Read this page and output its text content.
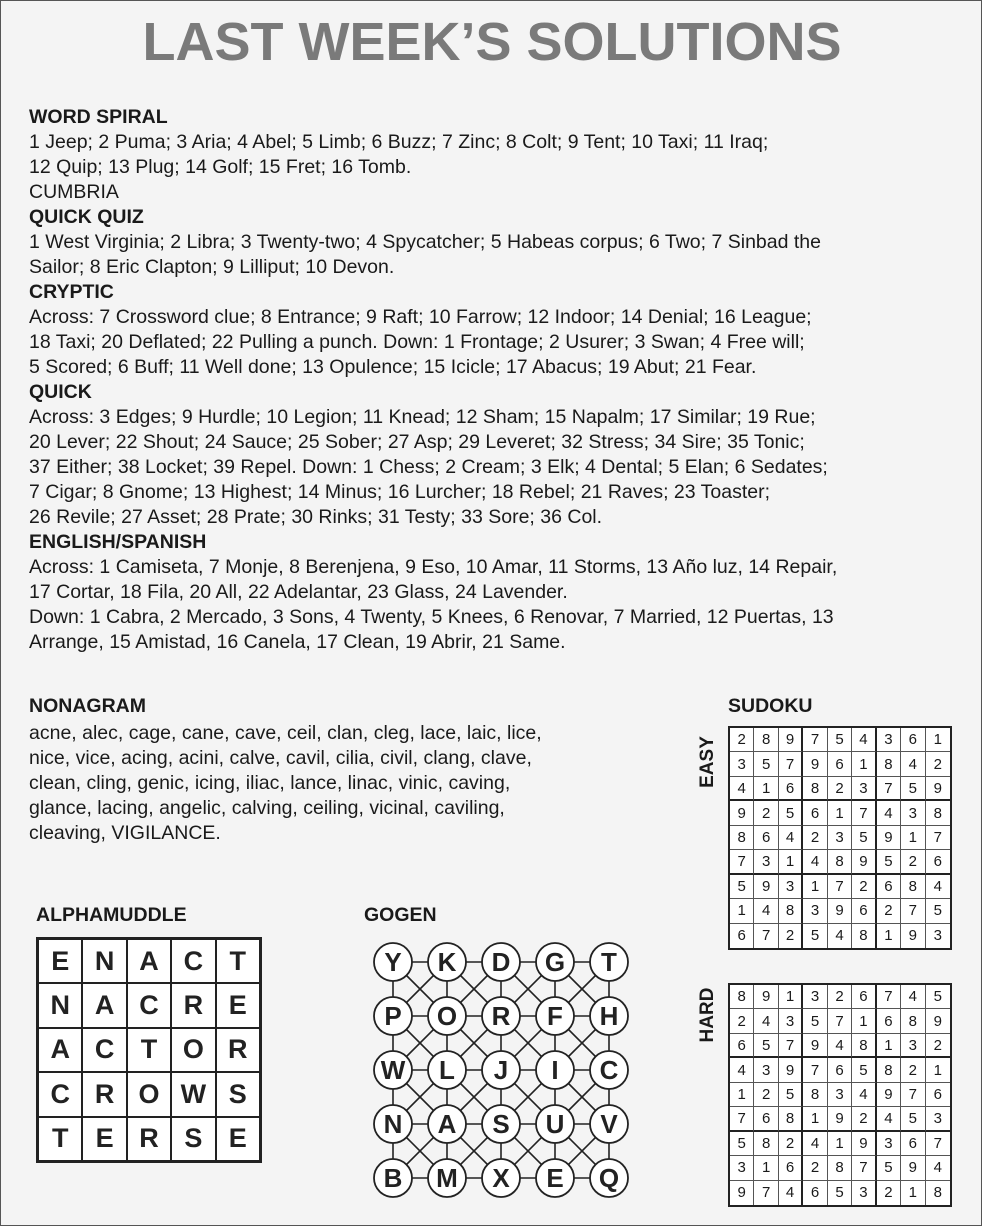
LAST WEEK’S SOLUTIONS

WORD SPIRAL

1 Jeep; 2 Puma; 3 Aria; 4 Abel; 5 Limb; 6 Buzz; 7 Zinc; 8 Colt; 9 Tent; 10 Taxi; 11 Iraq;

12 Quip; 13 Plug; 14 Golf; 15 Fret; 16 Tomb.

CUMBRIA

QUICK QUIZ

1 West Virginia; 2 Libra; 3 Twenty-two; 4 Spycatcher; 5 Habeas corpus; 6 Two; 7 Sinbad the

Sailor; 8 Eric Clapton; 9 Lilliput; 10 Devon.

CRYPTIC

Across: 7 Crossword clue; 8 Entrance; 9 Raft; 10 Farrow; 12 Indoor; 14 Denial; 16 League;

18 Taxi; 20 Deflated; 22 Pulling a punch. Down: 1 Frontage; 2 Usurer; 3 Swan; 4 Free will;

5 Scored; 6 Buff; 11 Well done; 13 Opulence; 15 Icicle; 17 Abacus; 19 Abut; 21 Fear.

QUICK

Across: 3 Edges; 9 Hurdle; 10 Legion; 11 Knead; 12 Sham; 15 Napalm; 17 Similar; 19 Rue;

20 Lever; 22 Shout; 24 Sauce; 25 Sober; 27 Asp; 29 Leveret; 32 Stress; 34 Sire; 35 Tonic;

37 Either; 38 Locket; 39 Repel. Down: 1 Chess; 2 Cream; 3 Elk; 4 Dental; 5 Elan; 6 Sedates;

7 Cigar; 8 Gnome; 13 Highest; 14 Minus; 16 Lurcher; 18 Rebel; 21 Raves; 23 Toaster;

26 Revile; 27 Asset; 28 Prate; 30 Rinks; 31 Testy; 33 Sore; 36 Col.

ENGLISH/SPANISH

Across: 1 Camiseta, 7 Monje, 8 Berenjena, 9 Eso, 10 Amar, 11 Storms, 13 Año luz, 14 Repair,

17 Cortar, 18 Fila, 20 All, 22 Adelantar, 23 Glass, 24 Lavender.

Down: 1 Cabra, 2 Mercado, 3 Sons, 4 Twenty, 5 Knees, 6 Renovar, 7 Married, 12 Puertas, 13

Arrange, 15 Amistad, 16 Canela, 17 Clean, 19 Abrir, 21 Same.

NONAGRAM
acne, alec, cage, cane, cave, ceil, clan, cleg, lace, laic, lice,
nice, vice, acing, acini, calve, cavil, cilia, civil, clang, clave,
clean, cling, genic, icing, iliac, lance, linac, vinic, caving,
glance, lacing, angelic, calving, ceiling, vicinal, caviling,
cleaving, VIGILANCE.
ALPHAMUDDLE
E N A C T
N A C R E
A C T O R
C R O W S
T	E R S E
GOGEN
Y	K	D	G	T
P	O	R	F	H
W	L	J	I	C
N	A	S	U	V
B	M	X	E	Q
SUDOKU
EASY	2	8	9	7	5	4	3	6	1
3	5	7	9	6	1	8	4	2
4	1	6	8	2	3	7	5	9
9	2	5	6	1	7	4	3	8
8	6	4	2	3	5	9	1	7
7	3	1	4	8	9	5	2	6
5	9	3	1	7	2	6	8	4
1	4	8	3	9	6	2	7	5
6	7	2	5	4	8	1	9	3
HARD	8	9	1	3	2	6	7	4	5
2	4	3	5	7	1	6	8	9
6	5	7	9	4	8	1	3	2
4	3	9	7	6	5	8	2	1
1	2	5	8	3	4	9	7	6
7	6	8	1	9	2	4	5	3
5	8	2	4	1	9	3	6	7
3	1	6	2	8	7	5	9	4
9	7	4	6	5	3	2	1	8
